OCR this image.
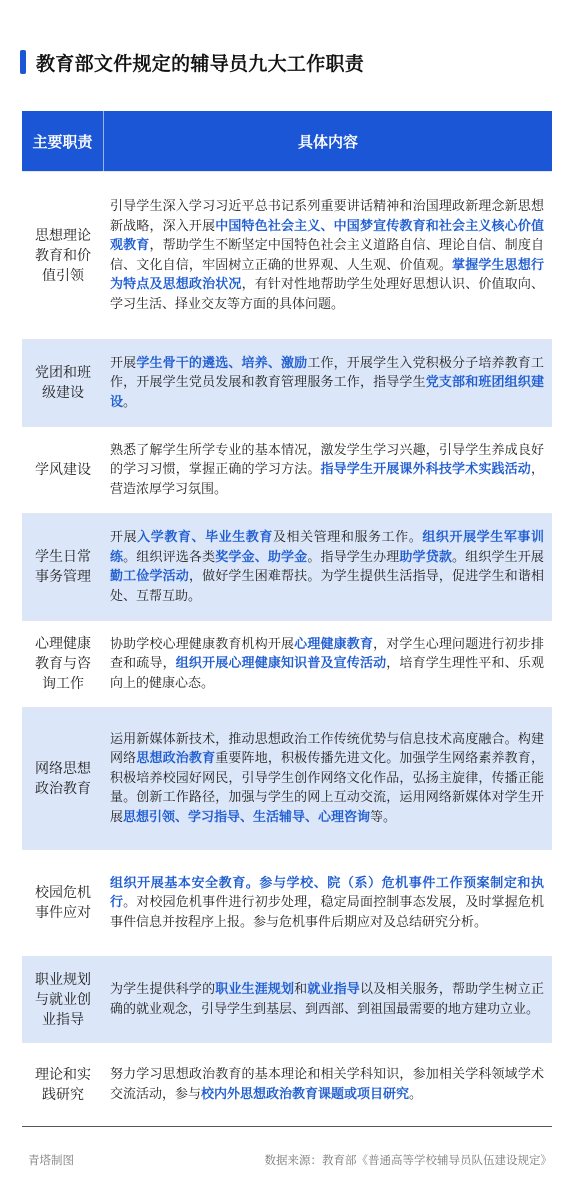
教育部文件规定的辅导员九大工作职责
主要职责	具体内容
思想理论
教育和价
值引领
引导学生深入学习习近平总书记系列重要讲话精神和治国理政新理念新思想新战略，深入开展中国特色社会主义、中国梦宣传教育和社会主义核心价值观教育，帮助学生不断坚定中国特色社会主义道路自信、理论自信、制度自信、文化自信，牢固树立正确的世界观、人生观、价值观。掌握学生思想行为特点及思想政治状况，有针对性地帮助学生处理好思想认识、价值取向、学习生活、择业交友等方面的具体问题。
党团和班
级建设
开展学生骨干的遴选、培养、激励工作，开展学生入党积极分子培养教育工作，开展学生党员发展和教育管理服务工作，指导学生党支部和班团组织建设。
学风建设
熟悉了解学生所学专业的基本情况，激发学生学习兴趣，引导学生养成良好的学习习惯，掌握正确的学习方法。指导学生开展课外科技学术实践活动，营造浓厚学习氛围。
学生日常
事务管理
开展入学教育、毕业生教育及相关管理和服务工作。组织开展学生军事训练。组织评选各类奖学金、助学金。指导学生办理助学贷款。组织学生开展勤工俭学活动，做好学生困难帮扶。为学生提供生活指导，促进学生和谐相处、互帮互助。
心理健康
教育与咨
询工作
协助学校心理健康教育机构开展心理健康教育，对学生心理问题进行初步排查和疏导，组织开展心理健康知识普及宣传活动，培育学生理性平和、乐观向上的健康心态。
网络思想
政治教育
运用新媒体新技术，推动思想政治工作传统优势与信息技术高度融合。构建网络思想政治教育重要阵地，积极传播先进文化。加强学生网络素养教育，积极培养校园好网民，引导学生创作网络文化作品，弘扬主旋律，传播正能量。创新工作路径，加强与学生的网上互动交流，运用网络新媒体对学生开展思想引领、学习指导、生活辅导、心理咨询等。
校园危机
事件应对
组织开展基本安全教育。参与学校、院（系）危机事件工作预案制定和执行。对校园危机事件进行初步处理，稳定局面控制事态发展，及时掌握危机事件信息并按程序上报。参与危机事件后期应对及总结研究分析。
职业规划
与就业创
业指导
为学生提供科学的职业生涯规划和就业指导以及相关服务，帮助学生树立正确的就业观念，引导学生到基层、到西部、到祖国最需要的地方建功立业。
理论和实
践研究
努力学习思想政治教育的基本理论和相关学科知识，参加相关学科领域学术交流活动，参与校内外思想政治教育课题或项目研究。
青塔制图	数据来源：教育部《普通高等学校辅导员队伍建设规定》
